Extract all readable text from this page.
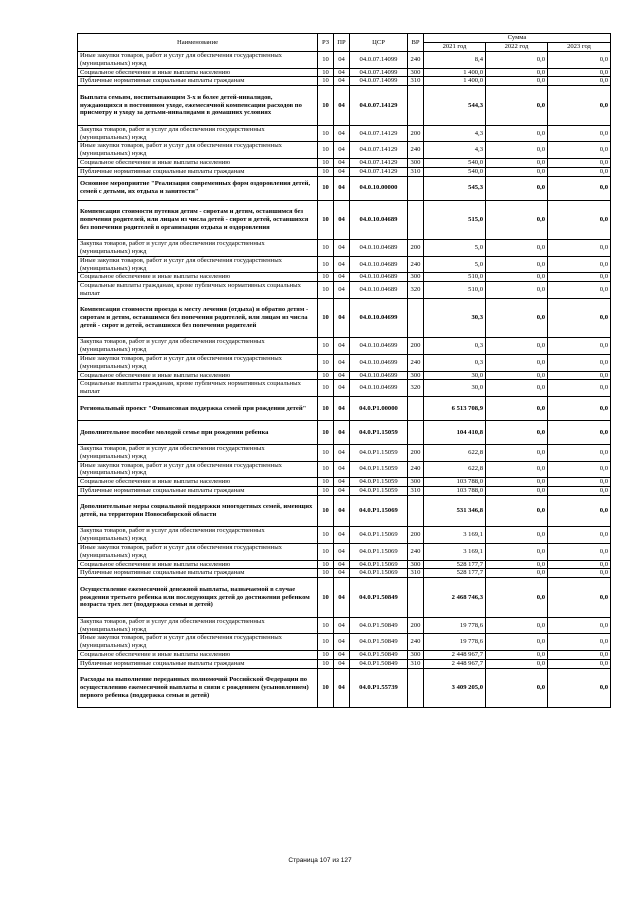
Наименование	РЗ	ПР	ЦСР	ВР	Сумма		
					2021 год	2022 год	2023 год
Иные закупки товаров, работ и услуг для обеспечения государственных (муниципальных) нужд	10	04	04.0.07.14099	240	8,4	0,0	0,0
Социальное обеспечение и иные выплаты населению	10	04	04.0.07.14099	300	1 400,0	0,0	0,0
Публичные нормативные социальные выплаты гражданам	10	04	04.0.07.14099	310	1 400,0	0,0	0,0
Выплата семьям, воспитывающим 3-х и более детей-инвалидов, нуждающихся в постоянном уходе, ежемесячной компенсации расходов по присмотру и уходу за детьми-инвалидами в домашних условиях	10	04	04.0.07.14129		544,3	0,0	0,0
Закупка товаров, работ и услуг для обеспечения государственных (муниципальных) нужд	10	04	04.0.07.14129	200	4,3	0,0	0,0
Иные закупки товаров, работ и услуг для обеспечения государственных (муниципальных) нужд	10	04	04.0.07.14129	240	4,3	0,0	0,0
Социальное обеспечение и иные выплаты населению	10	04	04.0.07.14129	300	540,0	0,0	0,0
Публичные нормативные социальные выплаты гражданам	10	04	04.0.07.14129	310	540,0	0,0	0,0
Основное мероприятие "Реализация современных форм оздоровления детей, семей с детьми, их отдыха и занятости"	10	04	04.0.10.00000		545,3	0,0	0,0
Компенсация стоимости путевки детям - сиротам и детям, оставшимся без попечения родителей, или лицам из числа детей - сирот и детей, оставшихся без попечения родителей в организации отдыха и оздоровления	10	04	04.0.10.04689		515,0	0,0	0,0
Закупка товаров, работ и услуг для обеспечения государственных (муниципальных) нужд	10	04	04.0.10.04689	200	5,0	0,0	0,0
Иные закупки товаров, работ и услуг для обеспечения государственных (муниципальных) нужд	10	04	04.0.10.04689	240	5,0	0,0	0,0
Социальное обеспечение и иные выплаты населению	10	04	04.0.10.04689	300	510,0	0,0	0,0
Социальные выплаты гражданам, кроме публичных нормативных социальных выплат	10	04	04.0.10.04689	320	510,0	0,0	0,0
Компенсация стоимости проезда к месту лечения (отдыха) и обратно детям - сиротам и детям, оставшимся без попечения родителей, или лицам из числа детей - сирот и детей, оставшихся без попечения родителей	10	04	04.0.10.04699		30,3	0,0	0,0
Закупка товаров, работ и услуг для обеспечения государственных (муниципальных) нужд	10	04	04.0.10.04699	200	0,3	0,0	0,0
Иные закупки товаров, работ и услуг для обеспечения государственных (муниципальных) нужд	10	04	04.0.10.04699	240	0,3	0,0	0,0
Социальное обеспечение и иные выплаты населению	10	04	04.0.10.04699	300	30,0	0,0	0,0
Социальные выплаты гражданам, кроме публичных нормативных социальных выплат	10	04	04.0.10.04699	320	30,0	0,0	0,0
Региональный проект "Финансовая поддержка семей при рождении детей"	10	04	04.0.P1.00000		6 513 708,9	0,0	0,0
Дополнительное пособие молодой семье при рождении ребенка	10	04	04.0.P1.15059		104 410,8	0,0	0,0
Закупка товаров, работ и услуг для обеспечения государственных (муниципальных) нужд	10	04	04.0.P1.15059	200	622,8	0,0	0,0
Иные закупки товаров, работ и услуг для обеспечения государственных (муниципальных) нужд	10	04	04.0.P1.15059	240	622,8	0,0	0,0
Социальное обеспечение и иные выплаты населению	10	04	04.0.P1.15059	300	103 788,0	0,0	0,0
Публичные нормативные социальные выплаты гражданам	10	04	04.0.P1.15059	310	103 788,0	0,0	0,0
Дополнительные меры социальной поддержки многодетных семей, имеющих детей, на территории Новосибирской области	10	04	04.0.P1.15069		531 346,8	0,0	0,0
Закупка товаров, работ и услуг для обеспечения государственных (муниципальных) нужд	10	04	04.0.P1.15069	200	3 169,1	0,0	0,0
Иные закупки товаров, работ и услуг для обеспечения государственных (муниципальных) нужд	10	04	04.0.P1.15069	240	3 169,1	0,0	0,0
Социальное обеспечение и иные выплаты населению	10	04	04.0.P1.15069	300	528 177,7	0,0	0,0
Публичные нормативные социальные выплаты гражданам	10	04	04.0.P1.15069	310	528 177,7	0,0	0,0
Осуществление ежемесячной денежной выплаты, назначаемой в случае рождения третьего ребенка или последующих детей до достижения ребенком возраста трех лет (поддержка семьи и детей)	10	04	04.0.P1.50849		2 468 746,3	0,0	0,0
Закупка товаров, работ и услуг для обеспечения государственных (муниципальных) нужд	10	04	04.0.P1.50849	200	19 778,6	0,0	0,0
Иные закупки товаров, работ и услуг для обеспечения государственных (муниципальных) нужд	10	04	04.0.P1.50849	240	19 778,6	0,0	0,0
Социальное обеспечение и иные выплаты населению	10	04	04.0.P1.50849	300	2 448 967,7	0,0	0,0
Публичные нормативные социальные выплаты гражданам	10	04	04.0.P1.50849	310	2 448 967,7	0,0	0,0
Расходы на выполнение переданных полномочий Российской Федерации по осуществлению ежемесячной выплаты в связи с рождением (усыновлением) первого ребенка (поддержка семьи и детей)	10	04	04.0.P1.55739		3 409 205,0	0,0	0,0
Страница 107 из 127
